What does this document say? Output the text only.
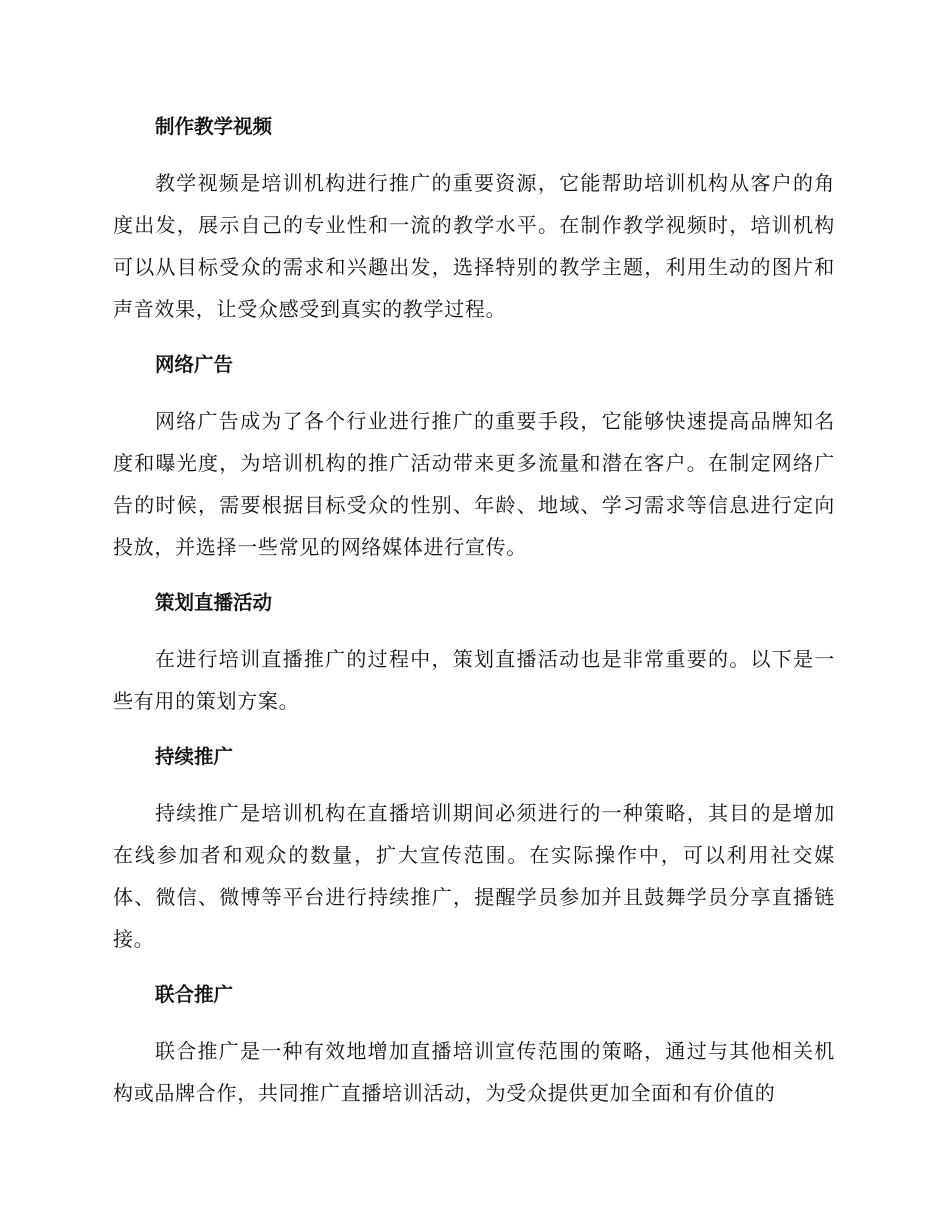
制作教学视频

教学视频是培训机构进行推广的重要资源，它能帮助培训机构从客户的角度出发，展示自己的专业性和一流的教学水平。在制作教学视频时，培训机构可以从目标受众的需求和兴趣出发，选择特别的教学主题，利用生动的图片和声音效果，让受众感受到真实的教学过程。

网络广告

网络广告成为了各个行业进行推广的重要手段，它能够快速提高品牌知名度和曝光度，为培训机构的推广活动带来更多流量和潜在客户。在制定网络广告的时候，需要根据目标受众的性别、年龄、地域、学习需求等信息进行定向投放，并选择一些常见的网络媒体进行宣传。

策划直播活动

在进行培训直播推广的过程中，策划直播活动也是非常重要的。以下是一些有用的策划方案。

持续推广

持续推广是培训机构在直播培训期间必须进行的一种策略，其目的是增加在线参加者和观众的数量，扩大宣传范围。在实际操作中，可以利用社交媒体、微信、微博等平台进行持续推广，提醒学员参加并且鼓舞学员分享直播链接。

联合推广

联合推广是一种有效地增加直播培训宣传范围的策略，通过与其他相关机构或品牌合作，共同推广直播培训活动，为受众提供更加全面和有价值的
